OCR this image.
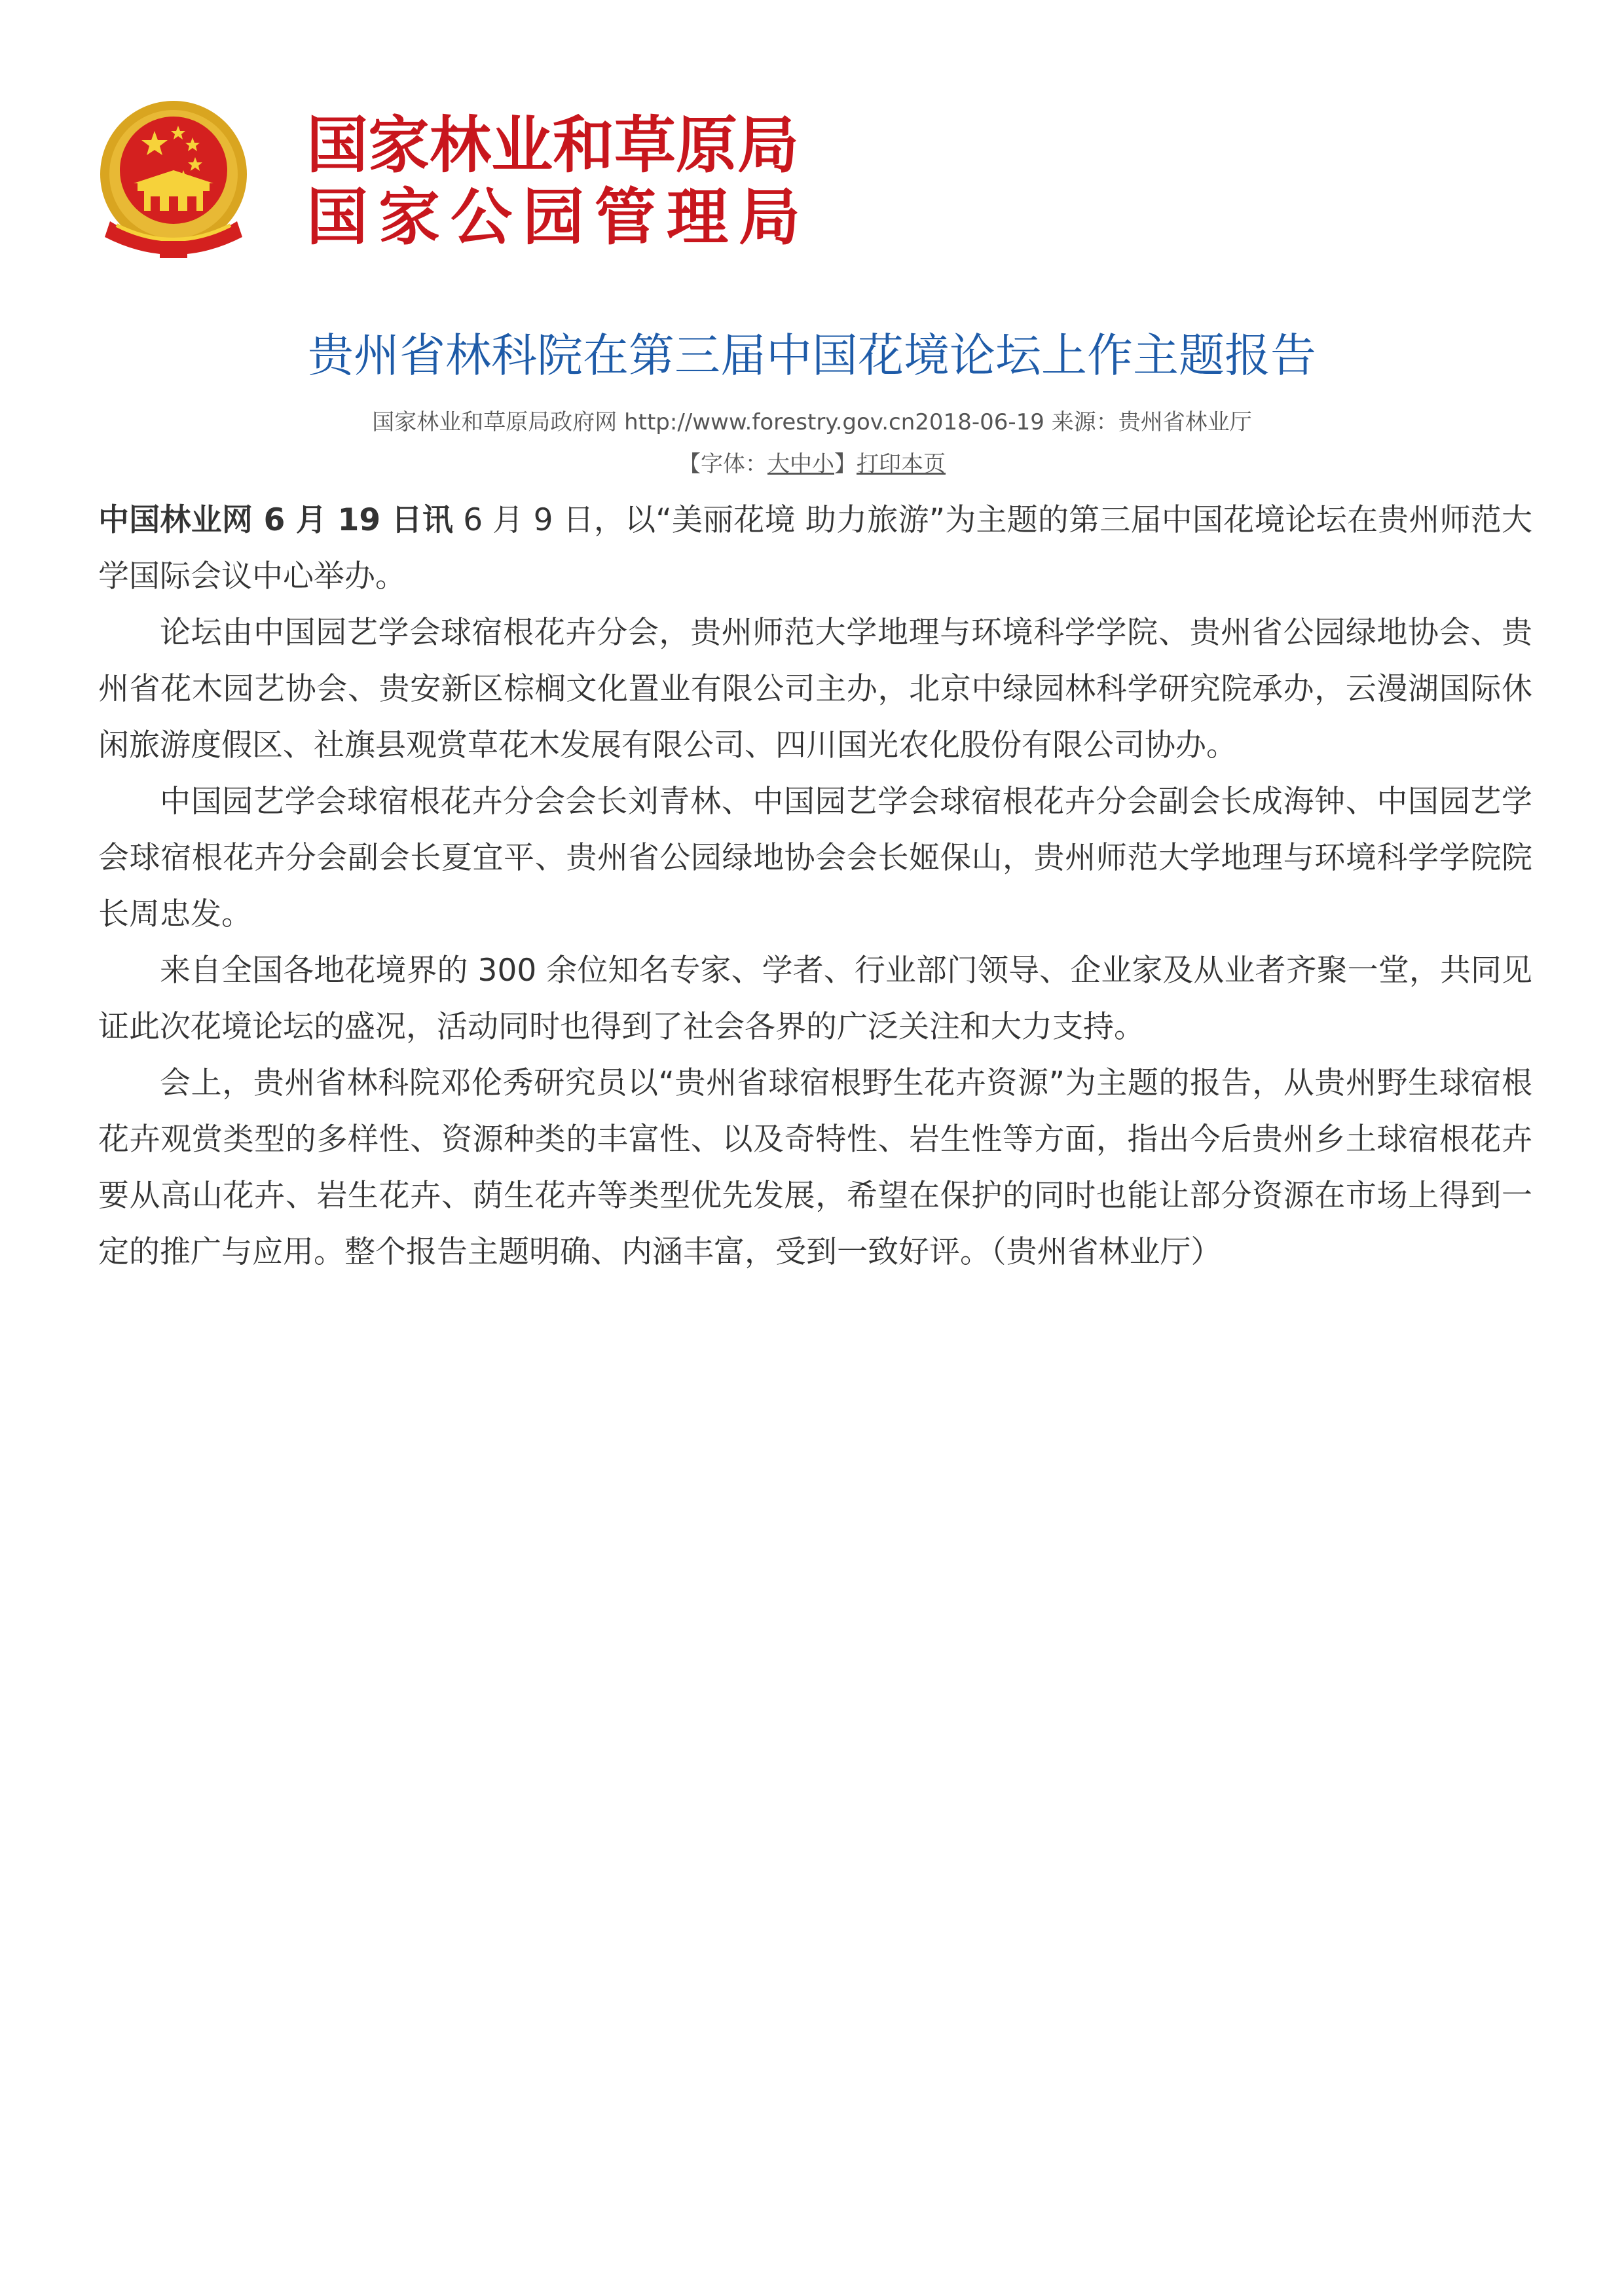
国家林业和草原局
国家公园管理局
贵州省林科院在第三届中国花境论坛上作主题报告
国家林业和草原局政府网 http://www.forestry.gov.cn2018-06-19 来源：贵州省林业厅
【字体：大中小】打印本页

中国林业网 6 月 19 日讯 6 月 9 日，以“美丽花境 助力旅游”为主题的第三届中国花境论坛在贵州师范大学国际会议中心举办。

论坛由中国园艺学会球宿根花卉分会，贵州师范大学地理与环境科学学院、贵州省公园绿地协会、贵州省花木园艺协会、贵安新区棕榈文化置业有限公司主办，北京中绿园林科学研究院承办，云漫湖国际休闲旅游度假区、社旗县观赏草花木发展有限公司、四川国光农化股份有限公司协办。

中国园艺学会球宿根花卉分会会长刘青林、中国园艺学会球宿根花卉分会副会长成海钟、中国园艺学会球宿根花卉分会副会长夏宜平、贵州省公园绿地协会会长姬保山，贵州师范大学地理与环境科学学院院长周忠发。

来自全国各地花境界的 300 余位知名专家、学者、行业部门领导、企业家及从业者齐聚一堂，共同见证此次花境论坛的盛况，活动同时也得到了社会各界的广泛关注和大力支持。

会上，贵州省林科院邓伦秀研究员以“贵州省球宿根野生花卉资源”为主题的报告，从贵州野生球宿根花卉观赏类型的多样性、资源种类的丰富性、以及奇特性、岩生性等方面，指出今后贵州乡土球宿根花卉要从高山花卉、岩生花卉、荫生花卉等类型优先发展，希望在保护的同时也能让部分资源在市场上得到一定的推广与应用。整个报告主题明确、内涵丰富，受到一致好评。（贵州省林业厅）
